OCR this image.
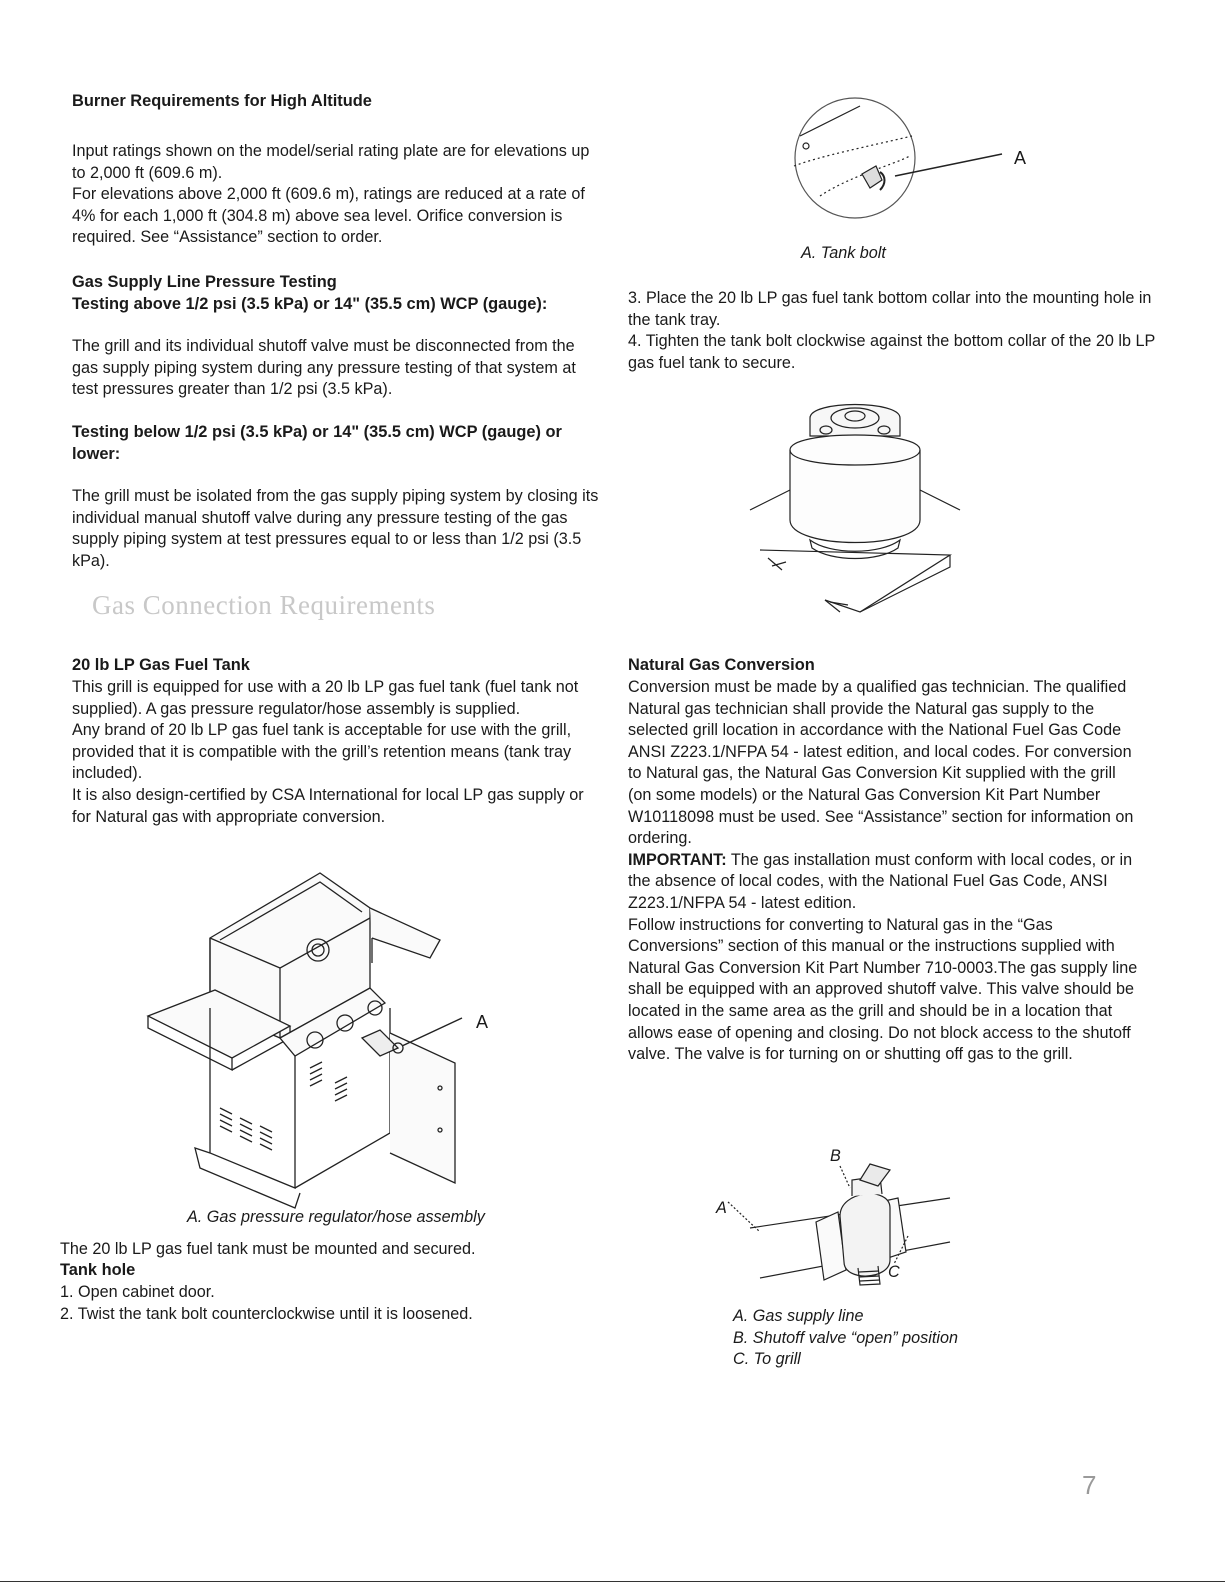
Burner Requirements for High Altitude

Input ratings shown on the model/serial rating plate are for elevations up to 2,000 ft (609.6 m).

For elevations above 2,000 ft (609.6 m), ratings are reduced at a rate of 4% for each 1,000 ft (304.8 m) above sea level. Orifice conversion is required. See “Assistance” section to order.

Gas Supply Line Pressure Testing

Testing above 1/2 psi (3.5 kPa) or 14" (35.5 cm) WCP (gauge):

The grill and its individual shutoff valve must be disconnected from the gas supply piping system during any pressure testing of that system at test pressures greater than 1/2 psi (3.5 kPa).
Testing below 1/2 psi (3.5 kPa) or 14" (35.5 cm) WCP (gauge) or lower:
The grill must be isolated from the gas supply piping system by closing its individual manual shutoff valve during any pressure testing of the gas supply piping system at test pressures equal to or less than 1/2 psi (3.5 kPa).
Gas Connection Requirements
20 lb LP Gas Fuel Tank

This grill is equipped for use with a 20 lb LP gas fuel tank (fuel tank not supplied). A gas pressure regulator/hose assembly is supplied.

Any brand of 20 lb LP gas fuel tank is acceptable for use with the grill, provided that it is compatible with the grill’s retention means (tank tray included).

It is also design-certified by CSA International for local LP gas supply or for Natural gas with appropriate conversion.

A
A. Gas pressure regulator/hose assembly
The 20 lb LP gas fuel tank must be mounted and secured.
Tank hole

1. Open cabinet door.

2. Twist the tank bolt counterclockwise until it is loosened.

A
A. Tank bolt

3. Place the 20 lb LP gas fuel tank bottom collar into the mounting hole in the tank tray.

4. Tighten the tank bolt clockwise against the bottom collar of the 20 lb LP gas fuel tank to secure.

Natural Gas Conversion

Conversion must be made by a qualified gas technician. The qualified Natural gas technician shall provide the Natural gas supply to the selected grill location in accordance with the National Fuel Gas Code ANSI Z223.1/NFPA 54 - latest edition, and local codes. For conversion to Natural gas, the Natural Gas Conversion Kit supplied with the grill (on some models) or the Natural Gas Conversion Kit Part Number W10118098 must be used. See “Assistance” section for information on ordering.

IMPORTANT: The gas installation must conform with local codes, or in the absence of local codes, with the National Fuel Gas Code, ANSI Z223.1/NFPA 54 - latest edition.

Follow instructions for converting to Natural gas in the “Gas Conversions” section of this manual or the instructions supplied with Natural Gas Conversion Kit Part Number 710-0003.The gas supply line shall be equipped with an approved shutoff valve. This valve should be located in the same area as the grill and should be in a location that allows ease of opening and closing. Do not block access to the shutoff valve. The valve is for turning on or shutting off gas to the grill.

A
B
C

A. Gas supply line

B. Shutoff valve “open” position

C. To grill

7
